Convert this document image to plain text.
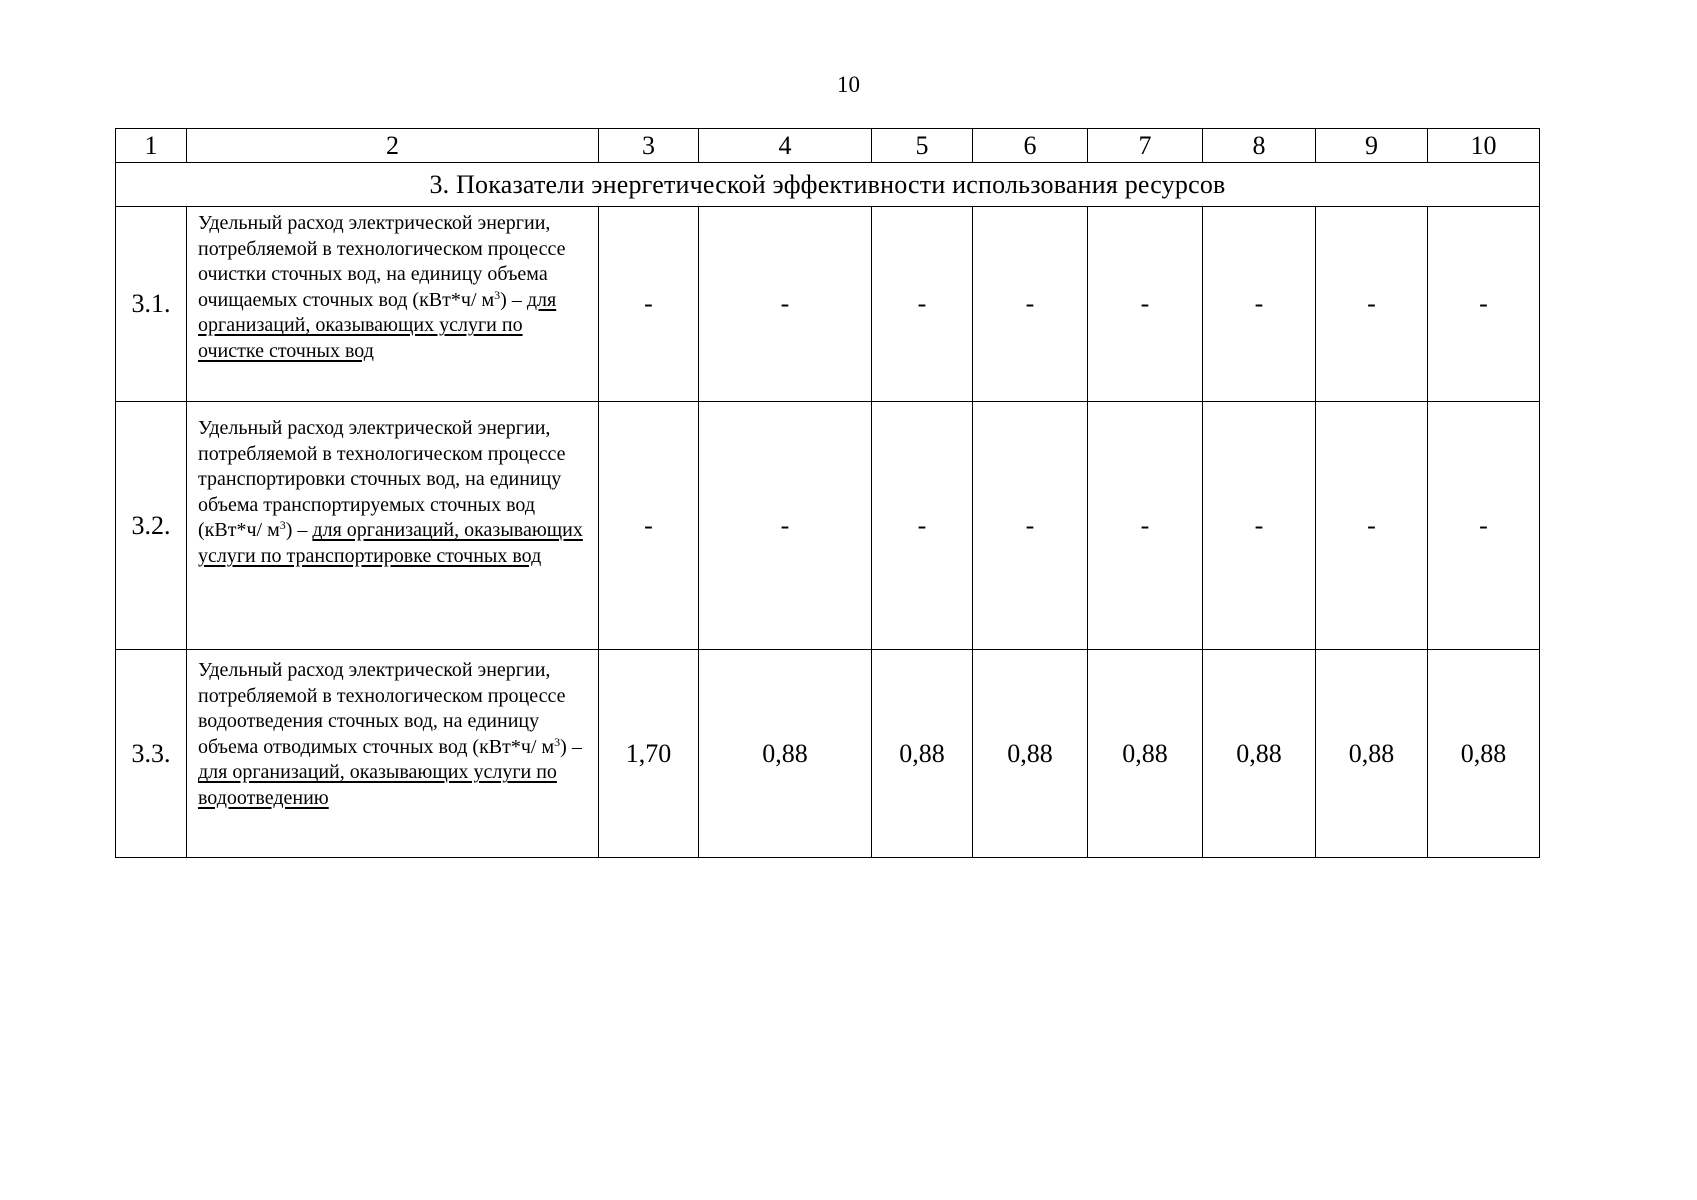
10
1	2	3	4	5	6	7	8	9	10
3. Показатели энергетической эффективности использования ресурсов									
3.1.	Удельный расход электрической энергии, потребляемой в технологическом процессе очистки сточных вод, на единицу объема очищаемых сточных вод (кВт*ч/ $м^3$) – для организаций, оказывающих услуги по очистке сточных вод	-	-	-	-	-	-	-	-
3.2.	Удельный расход электрической энергии, потребляемой в технологическом процессе транспортировки сточных вод, на единицу объема транспортируемых сточных вод (кВт*ч/ $м^3$) – для организаций, оказывающих услуги по транспортировке сточных вод	-	-	-	-	-	-	-	-
3.3.	Удельный расход электрической энергии, потребляемой в технологическом процессе водоотведения сточных вод, на единицу объема отводимых сточных вод (кВт*ч/ $м^3$) – для организаций, оказывающих услуги по водоотведению	1,70	0,88	0,88	0,88	0,88	0,88	0,88	0,88
